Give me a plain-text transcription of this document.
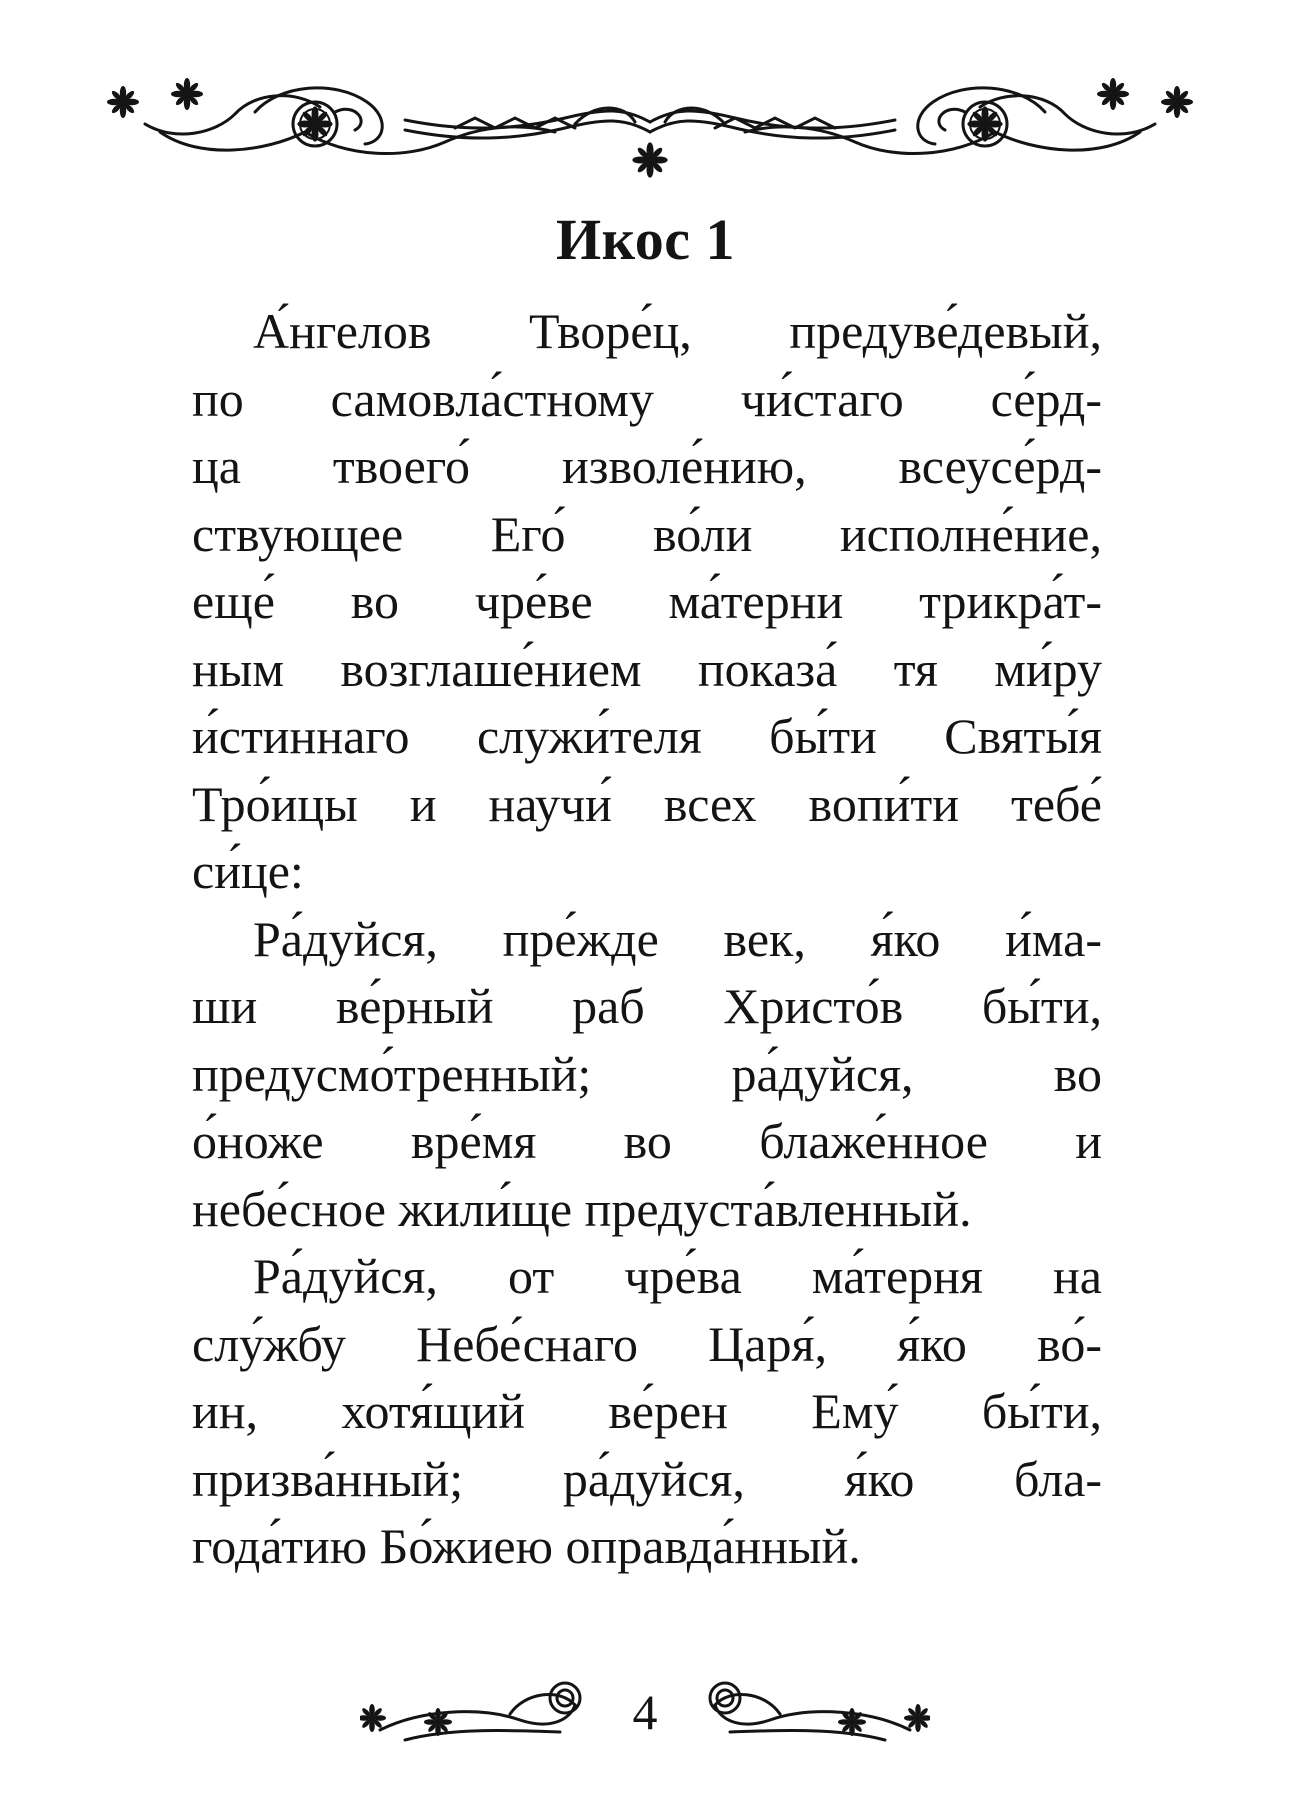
Икос 1
А́нгелов Творе́ц, предуве́девый,
по самовла́стному чи́стаго се́рд-
ца твоего́ изволе́нию, всеусе́рд-
ствующее Его́ во́ли исполне́ние,
еще́ во чре́ве ма́терни трикра́т-
ным возглаше́нием показа́ тя ми́ру
и́стиннаго служи́теля бы́ти Святы́я
Тро́ицы и научи́ всех вопи́ти тебе́
си́це:
Ра́дуйся, пре́жде век, я́ко и́ма-
ши ве́рный раб Христо́в бы́ти,
предусмо́тренный; ра́дуйся, во
о́ноже вре́мя во блаже́нное и
небе́сное жили́ще предуста́вленный.
Ра́дуйся, от чре́ва ма́терня на
слу́жбу Небе́снаго Царя́, я́ко во́-
ин, хотя́щий ве́рен Ему́ бы́ти,
призва́нный; ра́дуйся, я́ко бла-
года́тию Бо́жиею оправда́нный.
4
